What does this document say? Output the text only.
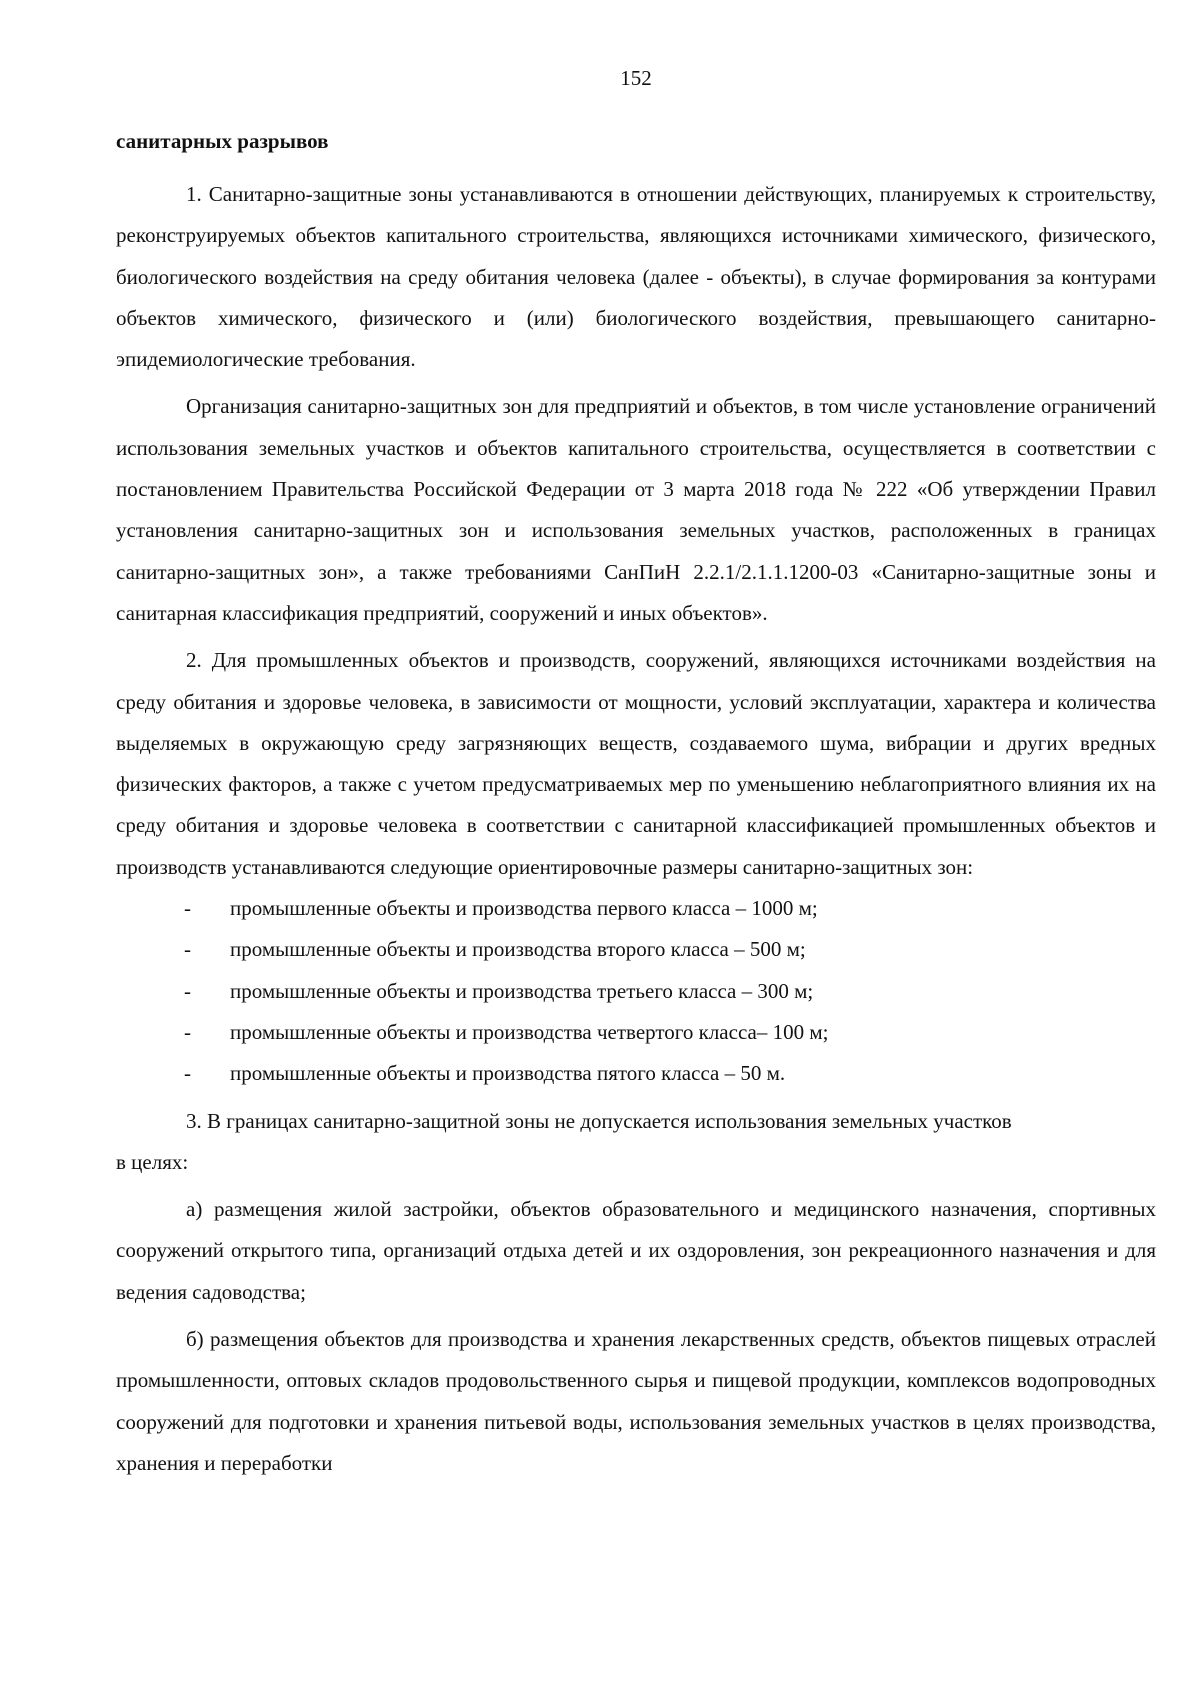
152
санитарных разрывов

1. Санитарно-защитные зоны устанавливаются в отношении действующих, планируемых к строительству, реконструируемых объектов капитального строительства, являющихся источниками химического, физического, биологического воздействия на среду обитания человека (далее - объекты), в случае формирования за контурами объектов химического, физического и (или) биологического воздействия, превышающего санитарно-эпидемиологические требования.

Организация санитарно-защитных зон для предприятий и объектов, в том числе установление ограничений использования земельных участков и объектов капитального строительства, осуществляется в соответствии с постановлением Правительства Российской Федерации от 3 марта 2018 года № 222 «Об утверждении Правил установления санитарно-защитных зон и использования земельных участков, расположенных в границах санитарно-защитных зон», а также требованиями СанПиН 2.2.1/2.1.1.1200-03 «Санитарно-защитные зоны и санитарная классификация предприятий, сооружений и иных объектов».

2. Для промышленных объектов и производств, сооружений, являющихся источниками воздействия на среду обитания и здоровье человека, в зависимости от мощности, условий эксплуатации, характера и количества выделяемых в окружающую среду загрязняющих веществ, создаваемого шума, вибрации и других вредных физических факторов, а также с учетом предусматриваемых мер по уменьшению неблагоприятного влияния их на среду обитания и здоровье человека в соответствии с санитарной классификацией промышленных объектов и производств устанавливаются следующие ориентировочные размеры санитарно-защитных зон:

- промышленные объекты и производства первого класса – 1000 м;
- промышленные объекты и производства второго класса – 500 м;
- промышленные объекты и производства третьего класса – 300 м;
- промышленные объекты и производства четвертого класса– 100 м;
- промышленные объекты и производства пятого класса – 50 м.

3. В границах санитарно-защитной зоны не допускается использования земельных участков

в целях:

а) размещения жилой застройки, объектов образовательного и медицинского назначения, спортивных сооружений открытого типа, организаций отдыха детей и их оздоровления, зон рекреационного назначения и для ведения садоводства;

б) размещения объектов для производства и хранения лекарственных средств, объектов пищевых отраслей промышленности, оптовых складов продовольственного сырья и пищевой продукции, комплексов водопроводных сооружений для подготовки и хранения питьевой воды, использования земельных участков в целях производства, хранения и переработки
